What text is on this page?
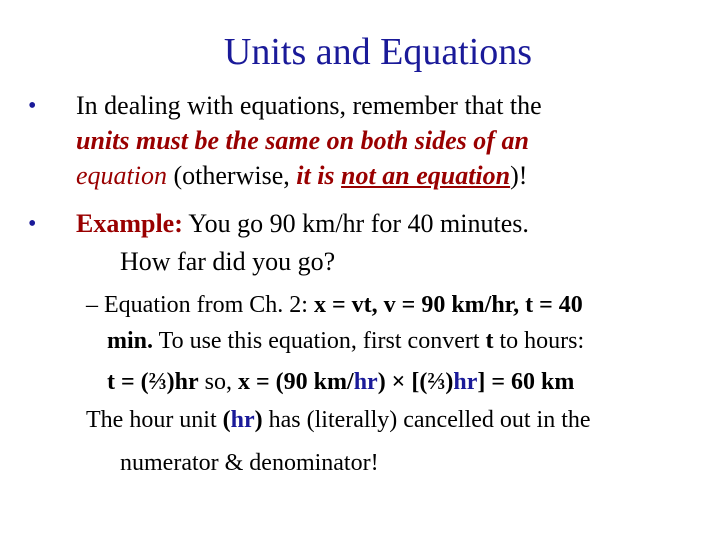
Units and Equations
• In dealing with equations, remember that the
units must be the same on both sides of an
equation (otherwise, it is not an equation)!
• Example: You go 90 km/hr for 40 minutes.
How far did you go?
– Equation from Ch. 2: x = vt, v = 90 km/hr, t = 40
min. To use this equation, first convert t to hours:
t = (⅔)hr so, x = (90 km/hr) × [(⅔)hr] = 60 km
The hour unit (hr) has (literally) cancelled out in the
numerator & denominator!
